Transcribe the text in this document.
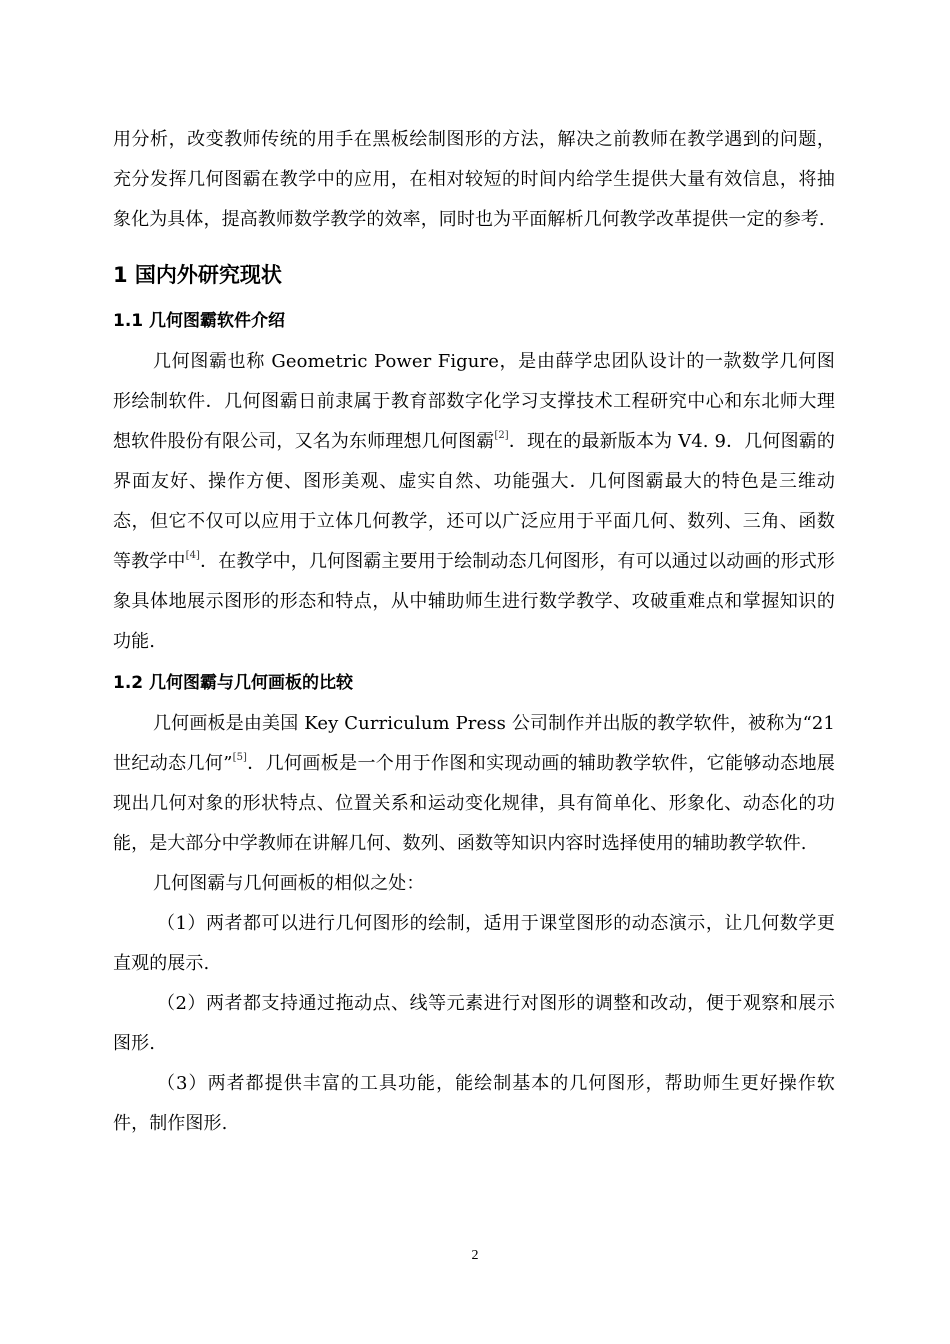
用分析，改变教师传统的用手在黑板绘制图形的方法，解决之前教师在教学遇到的问题，充分发挥几何图霸在教学中的应用，在相对较短的时间内给学生提供大量有效信息，将抽象化为具体，提高教师数学教学的效率，同时也为平面解析几何教学改革提供一定的参考.

1 国内外研究现状
1.1 几何图霸软件介绍

几何图霸也称 Geometric Power Figure，是由薛学忠团队设计的一款数学几何图形绘制软件．几何图霸日前隶属于教育部数字化学习支撑技术工程研究中心和东北师大理想软件股份有限公司，又名为东师理想几何图霸[2]．现在的最新版本为 V4. 9．几何图霸的界面友好、操作方便、图形美观、虚实自然、功能强大．几何图霸最大的特色是三维动态，但它不仅可以应用于立体几何教学，还可以广泛应用于平面几何、数列、三角、函数等教学中[4]．在教学中，几何图霸主要用于绘制动态几何图形，有可以通过以动画的形式形象具体地展示图形的形态和特点，从中辅助师生进行数学教学、攻破重难点和掌握知识的功能.

1.2 几何图霸与几何画板的比较

几何画板是由美国 Key Curriculum Press 公司制作并出版的教学软件，被称为“21 世纪动态几何”[5]．几何画板是一个用于作图和实现动画的辅助教学软件，它能够动态地展现出几何对象的形状特点、位置关系和运动变化规律，具有简单化、形象化、动态化的功能，是大部分中学教师在讲解几何、数列、函数等知识内容时选择使用的辅助教学软件.

几何图霸与几何画板的相似之处：

（1）两者都可以进行几何图形的绘制，适用于课堂图形的动态演示，让几何数学更直观的展示.

（2）两者都支持通过拖动点、线等元素进行对图形的调整和改动，便于观察和展示图形.

（3）两者都提供丰富的工具功能，能绘制基本的几何图形，帮助师生更好操作软件，制作图形.

2
